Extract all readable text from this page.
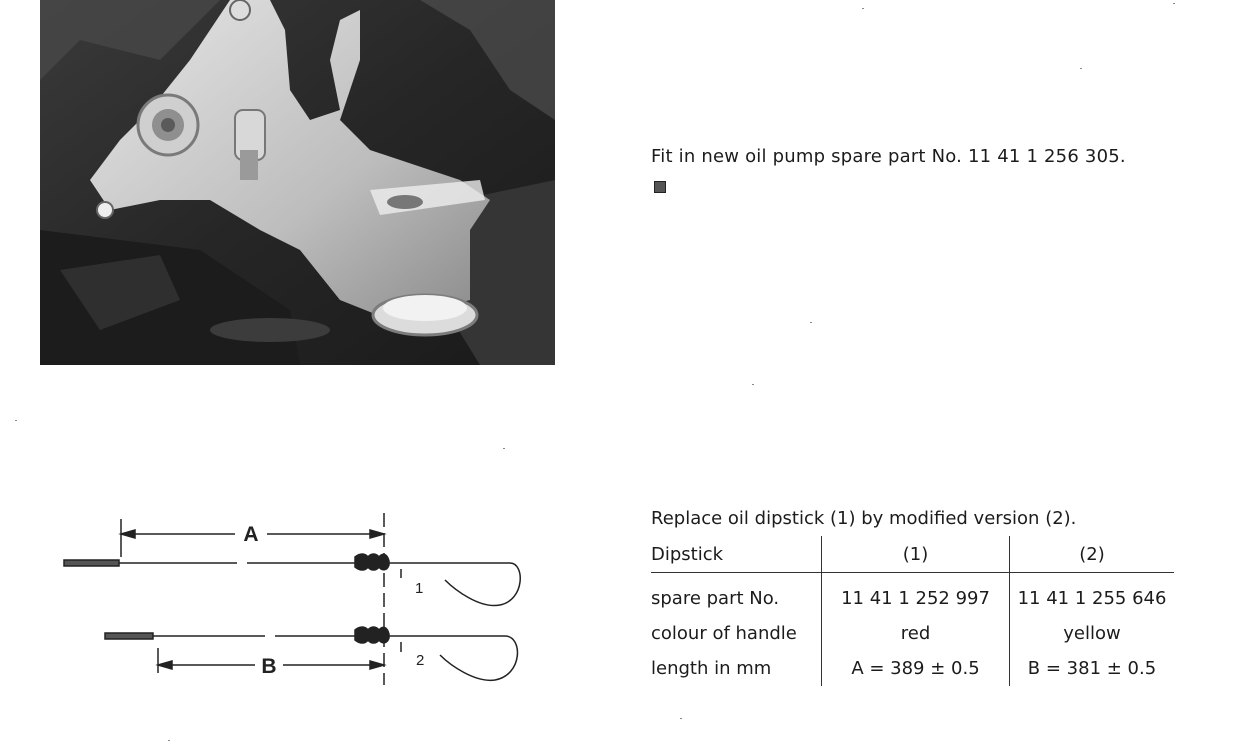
Fit in new oil pump spare part No. 11 41 1 256 305.
A
1
2
B
Replace oil dipstick (1) by modified version (2).
Dipstick	(1)	(2)
spare part No.	11 41 1 252 997	11 41 1 255 646
colour of handle	red	yellow
length in mm	A = 389 ± 0.5	B = 381 ± 0.5
